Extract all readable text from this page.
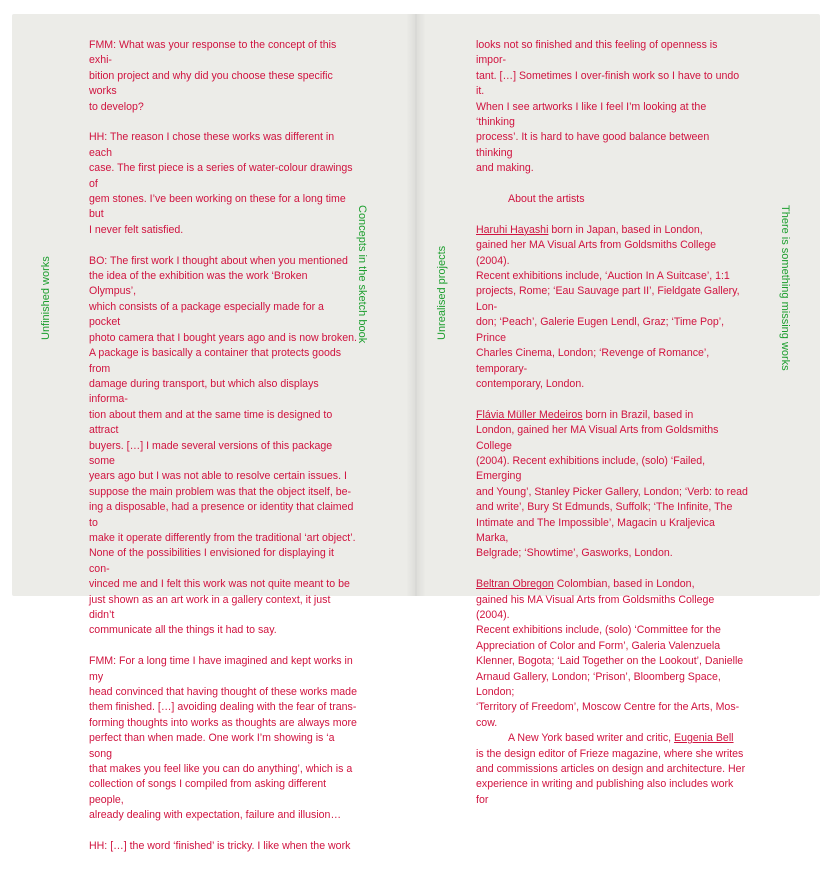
FMM: What was your response to the concept of this exhi-
bition project and why did you choose these specific works
to develop?

HH: The reason I chose these works was different in each
case. The first piece is a series of water-colour drawings of
gem stones. I’ve been working on these for a long time but
I never felt satisfied.

BO: The first work I thought about when you mentioned
the idea of the exhibition was the work ‘Broken Olympus’,
which consists of a package especially made for a pocket
photo camera that I bought years ago and is now broken.
A package is basically a container that protects goods from
damage during transport, but which also displays informa-
tion about them and at the same time is designed to attract
buyers. […] I made several versions of this package some
years ago but I was not able to resolve certain issues. I
suppose the main problem was that the object itself, be-
ing a disposable, had a presence or identity that claimed to
make it operate differently from the traditional ‘art object’.
None of the possibilities I envisioned for displaying it con-
vinced me and I felt this work was not quite meant to be
just shown as an art work in a gallery context, it just didn’t
communicate all the things it had to say.

FMM: For a long time I have imagined and kept works in my
head convinced that having thought of these works made
them finished. […] avoiding dealing with the fear of trans-
forming thoughts into works as thoughts are always more
perfect than when made. One work I’m showing is ‘a song
that makes you feel like you can do anything’, which is a
collection of songs I compiled from asking different people,
already dealing with expectation, failure and illusion…

HH: […] the word ‘finished’ is tricky. I like when the work

Unfinished works	Concepts in the sketch book

looks not so finished and this feeling of openness is impor-
tant. […] Sometimes I over-finish work so I have to undo it.
When I see artworks I like I feel I’m looking at the ‘thinking
process’. It is hard to have good balance between thinking
and making.

About the artists

Haruhi Hayashi born in Japan, based in London,
gained her MA Visual Arts from Goldsmiths College (2004).
Recent exhibitions include, ‘Auction In A Suitcase’, 1:1
projects, Rome; ‘Eau Sauvage part II’, Fieldgate Gallery, Lon-
don; ‘Peach’, Galerie Eugen Lendl, Graz; ‘Time Pop’, Prince
Charles Cinema, London; ‘Revenge of Romance’, temporary-
contemporary, London.

Flávia Müller Medeiros born in Brazil, based in
London, gained her MA Visual Arts from Goldsmiths College
(2004). Recent exhibitions include, (solo) ‘Failed, Emerging
and Young’, Stanley Picker Gallery, London; ‘Verb: to read
and write’, Bury St Edmunds, Suffolk; ‘The Infinite, The
Intimate and The Impossible’, Magacin u Kraljevica Marka,
Belgrade; ‘Showtime’, Gasworks, London.

Beltran Obregon Colombian, based in London,
gained his MA Visual Arts from Goldsmiths College (2004).
Recent exhibitions include, (solo) ‘Committee for the
Appreciation of Color and Form’, Galeria Valenzuela
Klenner, Bogota; ‘Laid Together on the Lookout’, Danielle
Arnaud Gallery, London; ‘Prison’, Bloomberg Space, London;
‘Territory of Freedom’, Moscow Centre for the Arts, Mos-
cow.

A New York based writer and critic, Eugenia Bell
is the design editor of Frieze magazine, where she writes
and commissions articles on design and architecture. Her
experience in writing and publishing also includes work for

Unrealised projects	There is something missing works
